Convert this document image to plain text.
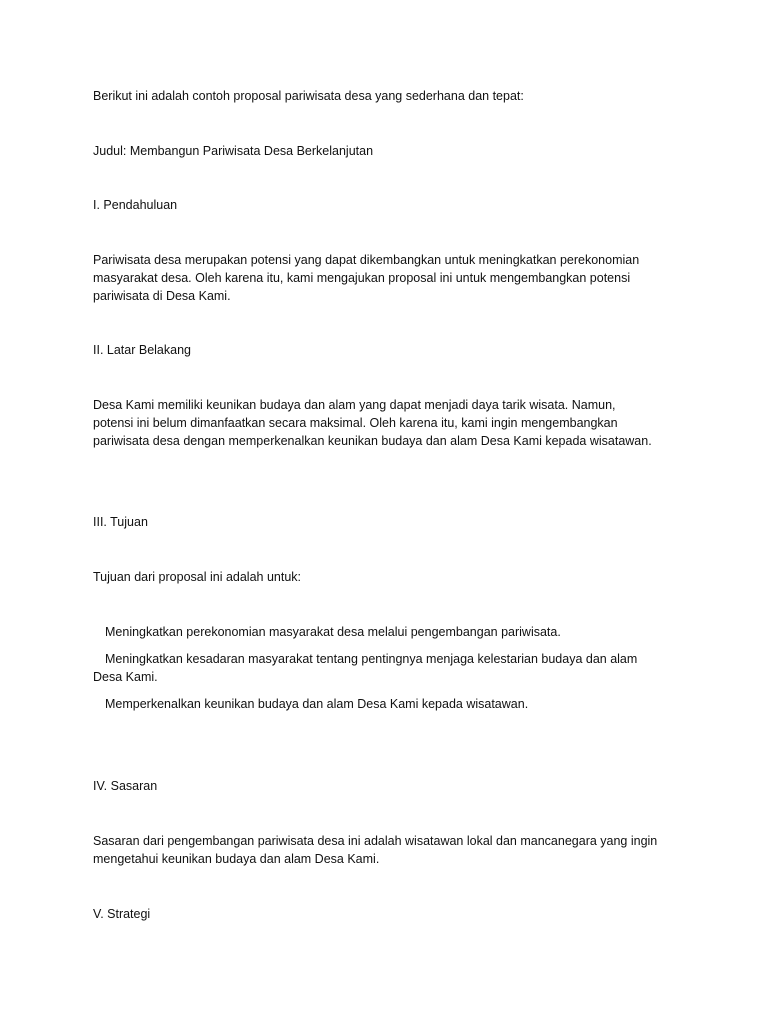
Berikut ini adalah contoh proposal pariwisata desa yang sederhana dan tepat:

Judul: Membangun Pariwisata Desa Berkelanjutan

I. Pendahuluan

Pariwisata desa merupakan potensi yang dapat dikembangkan untuk meningkatkan perekonomian

masyarakat desa. Oleh karena itu, kami mengajukan proposal ini untuk mengembangkan potensi

pariwisata di Desa Kami.

II. Latar Belakang

Desa Kami memiliki keunikan budaya dan alam yang dapat menjadi daya tarik wisata. Namun,

potensi ini belum dimanfaatkan secara maksimal. Oleh karena itu, kami ingin mengembangkan

pariwisata desa dengan memperkenalkan keunikan budaya dan alam Desa Kami kepada wisatawan.

III. Tujuan

Tujuan dari proposal ini adalah untuk:

Meningkatkan perekonomian masyarakat desa melalui pengembangan pariwisata.

Meningkatkan kesadaran masyarakat tentang pentingnya menjaga kelestarian budaya dan alam

Desa Kami.

Memperkenalkan keunikan budaya dan alam Desa Kami kepada wisatawan.

IV. Sasaran

Sasaran dari pengembangan pariwisata desa ini adalah wisatawan lokal dan mancanegara yang ingin

mengetahui keunikan budaya dan alam Desa Kami.

V. Strategi
